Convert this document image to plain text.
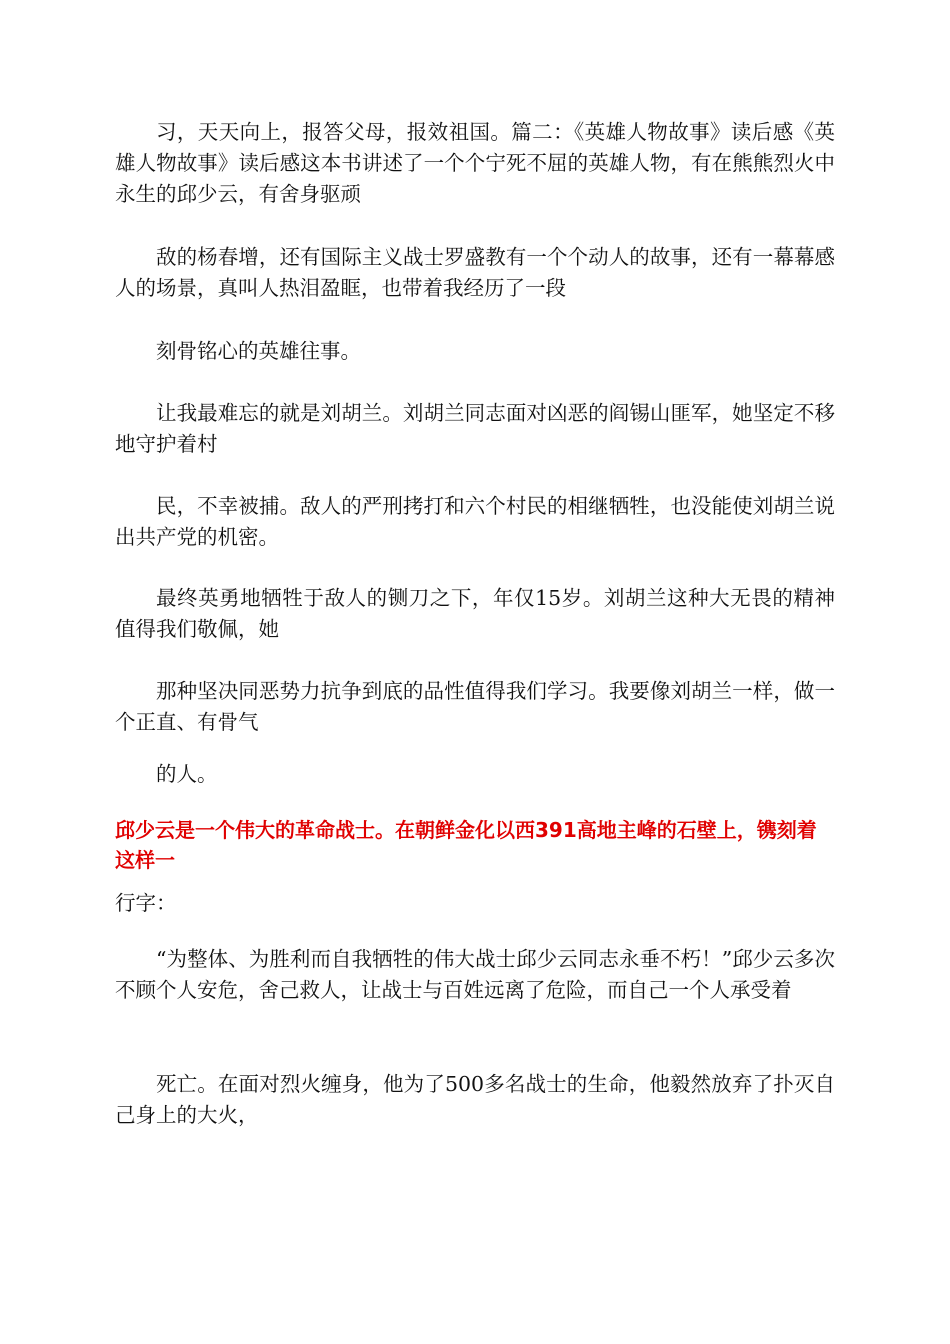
习，天天向上，报答父母，报效祖国。篇二：《英雄人物故事》读后感《英雄人物故事》读后感这本书讲述了一个个宁死不屈的英雄人物，有在熊熊烈火中永生的邱少云，有舍身驱顽

敌的杨春增，还有国际主义战士罗盛教有一个个动人的故事，还有一幕幕感人的场景，真叫人热泪盈眶，也带着我经历了一段

刻骨铭心的英雄往事。

让我最难忘的就是刘胡兰。刘胡兰同志面对凶恶的阎锡山匪军，她坚定不移地守护着村

民，不幸被捕。敌人的严刑拷打和六个村民的相继牺牲，也没能使刘胡兰说出共产党的机密。

最终英勇地牺牲于敌人的铡刀之下，年仅15岁。刘胡兰这种大无畏的精神值得我们敬佩，她

那种坚决同恶势力抗争到底的品性值得我们学习。我要像刘胡兰一样，做一个正直、有骨气

的人。

邱少云是一个伟大的革命战士。在朝鲜金化以西391高地主峰的石壁上，镌刻着这样一

行字：

“为整体、为胜利而自我牺牲的伟大战士邱少云同志永垂不朽！”邱少云多次不顾个人安危，舍己救人，让战士与百姓远离了危险，而自己一个人承受着

死亡。在面对烈火缠身，他为了500多名战士的生命，他毅然放弃了扑灭自己身上的大火，
